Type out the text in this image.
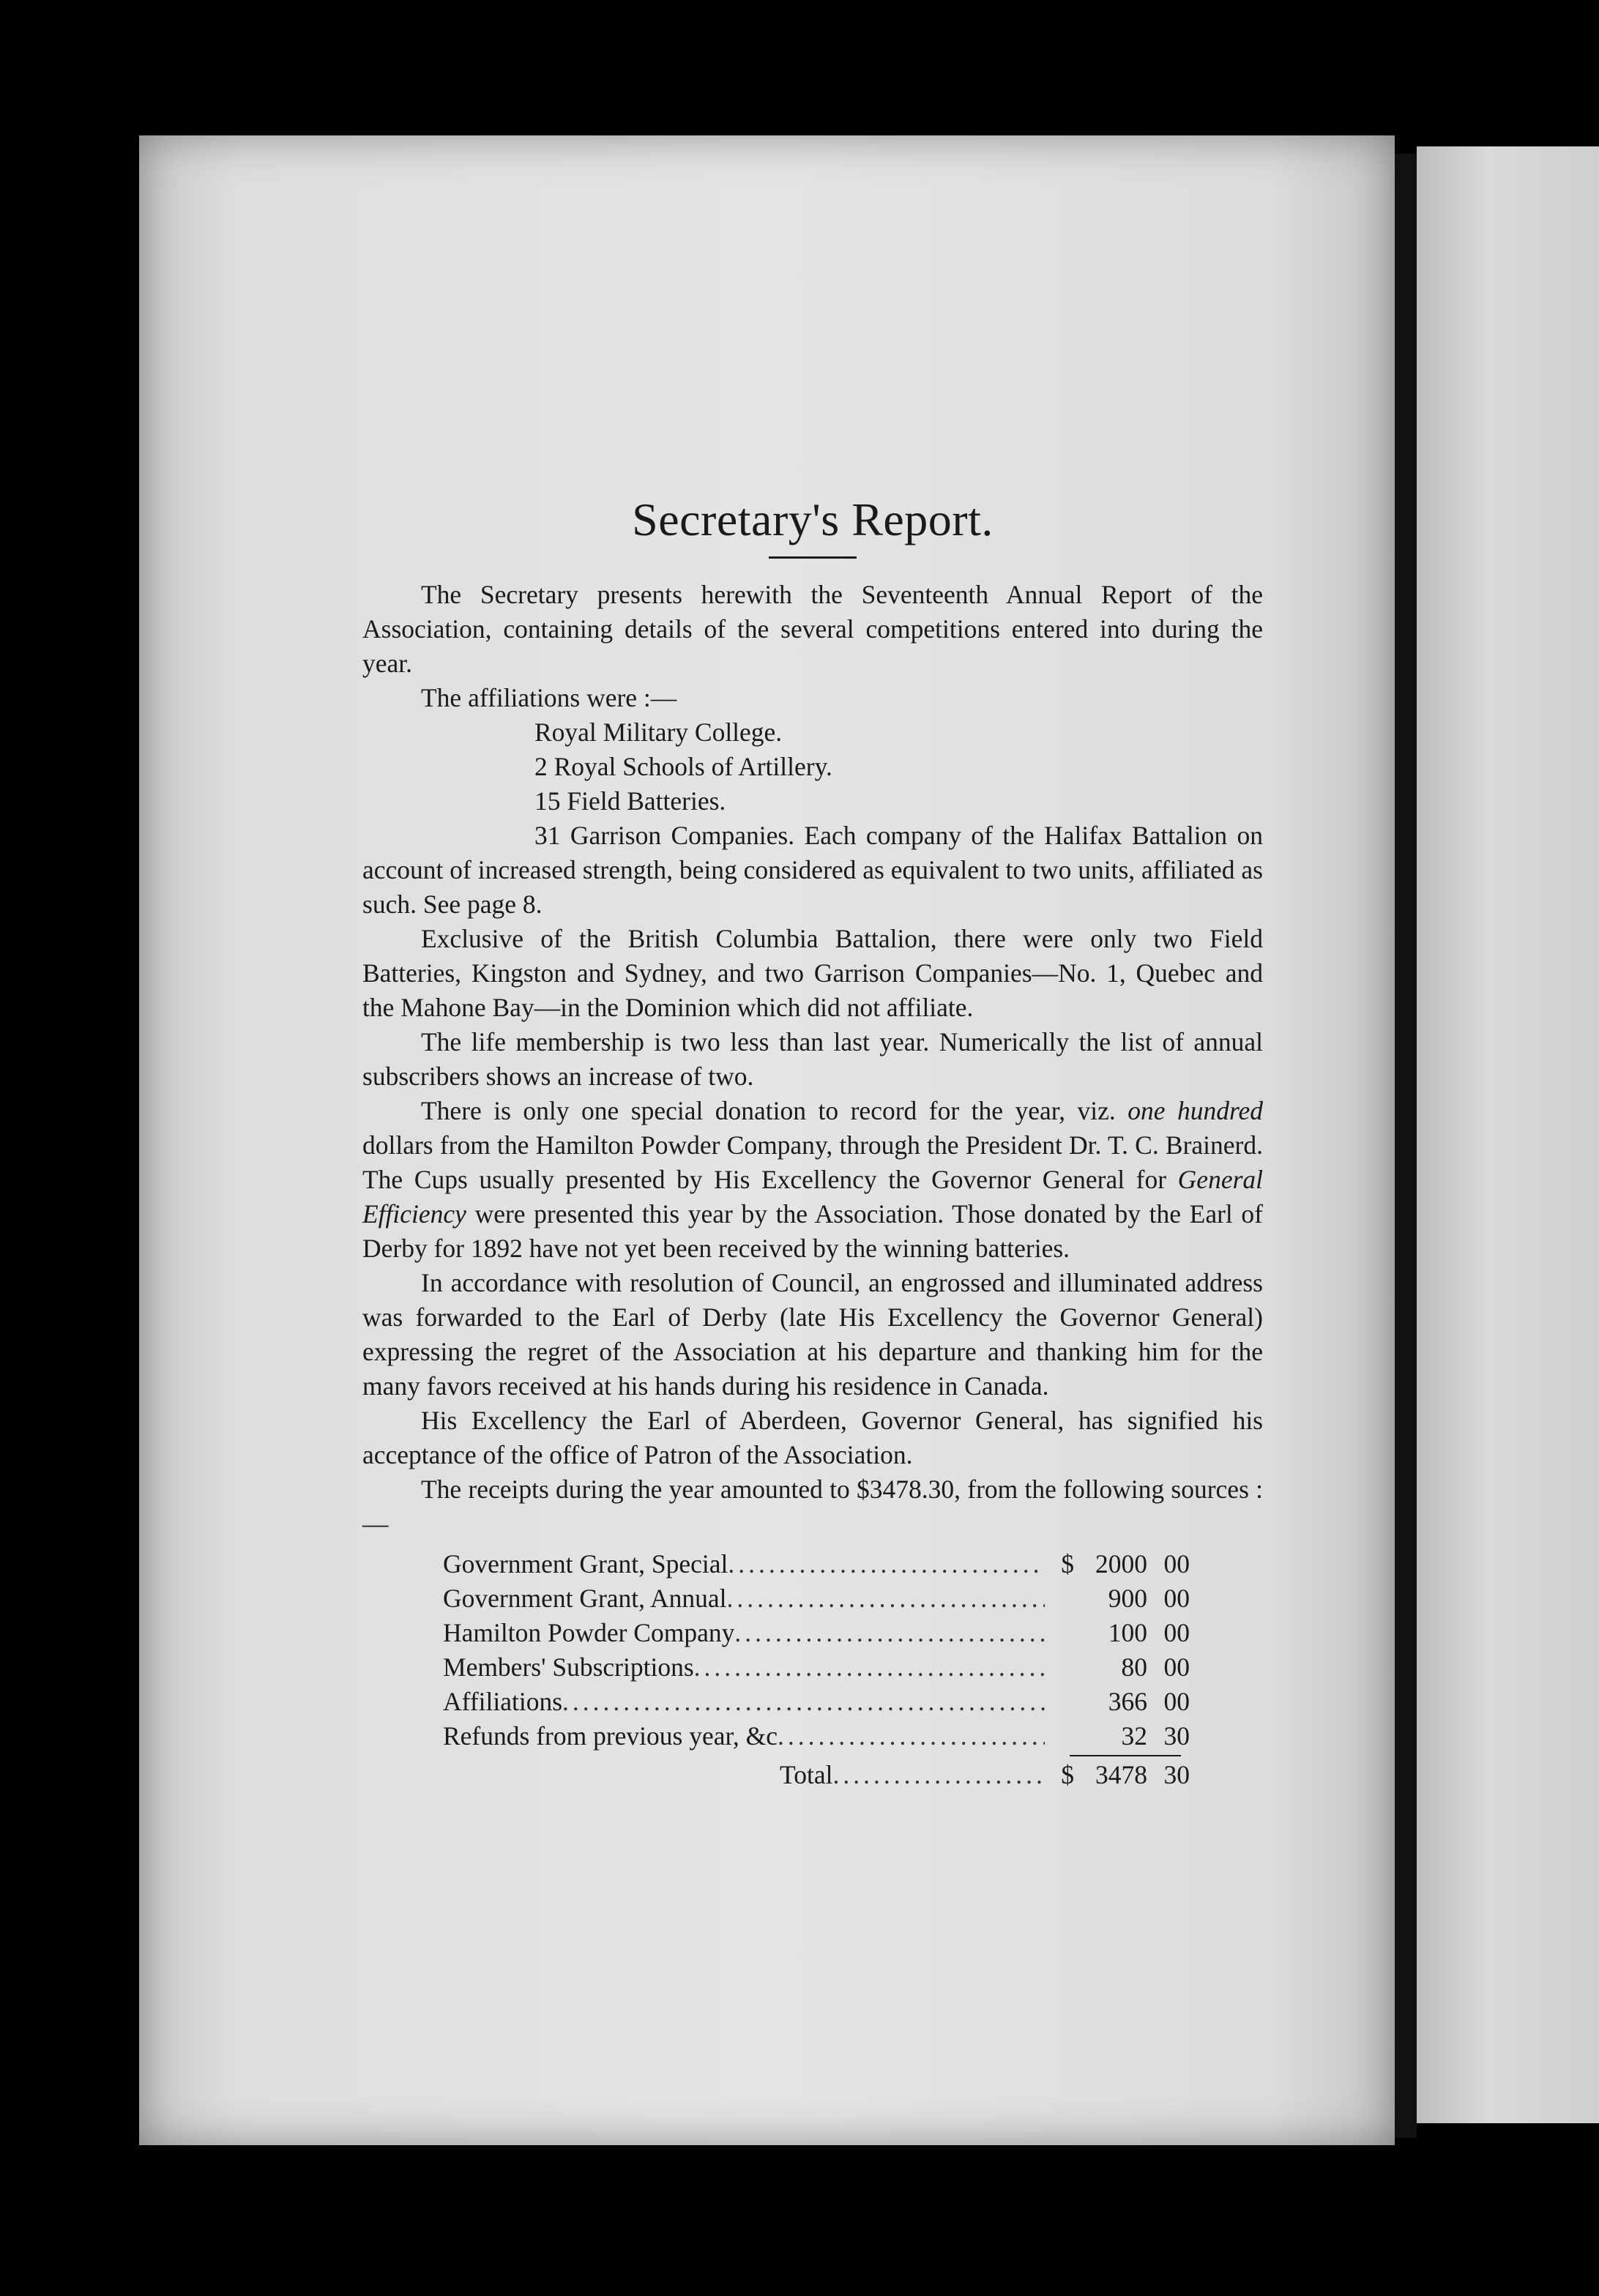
Secretary's Report.

The Secretary presents herewith the Seventeenth Annual Report of the Association, containing details of the several competitions entered into during the year.

The affiliations were :—

Royal Military College.

2 Royal Schools of Artillery.

15 Field Batteries.

31 Garrison Companies. Each company of the Halifax Battalion on account of increased strength, being considered as equivalent to two units, affiliated as such. See page 8.

Exclusive of the British Columbia Battalion, there were only two Field Batteries, Kingston and Sydney, and two Garrison Companies—No. 1, Quebec and the Mahone Bay—in the Dominion which did not affiliate.

The life membership is two less than last year. Numerically the list of annual subscribers shows an increase of two.

There is only one special donation to record for the year, viz. one hundred dollars from the Hamilton Powder Company, through the President Dr. T. C. Brainerd. The Cups usually presented by His Excellency the Governor General for General Efficiency were presented this year by the Association. Those donated by the Earl of Derby for 1892 have not yet been received by the winning batteries.

In accordance with resolution of Council, an engrossed and illuminated address was forwarded to the Earl of Derby (late His Excellency the Governor General) expressing the regret of the Association at his departure and thanking him for the many favors received at his hands during his residence in Canada.

His Excellency the Earl of Aberdeen, Governor General, has signified his acceptance of the office of Patron of the Association.

The receipts during the year amounted to $3478.30, from the following sources :—

Government Grant, Special .....	$ 2000 00
Government Grant, Annual .....	900 00
Hamilton Powder Company .....	100 00
Members' Subscriptions .....	80 00
Affiliations .....	366 00
Refunds from previous year, &c .....	32 30
Total .....	$ 3478 30
